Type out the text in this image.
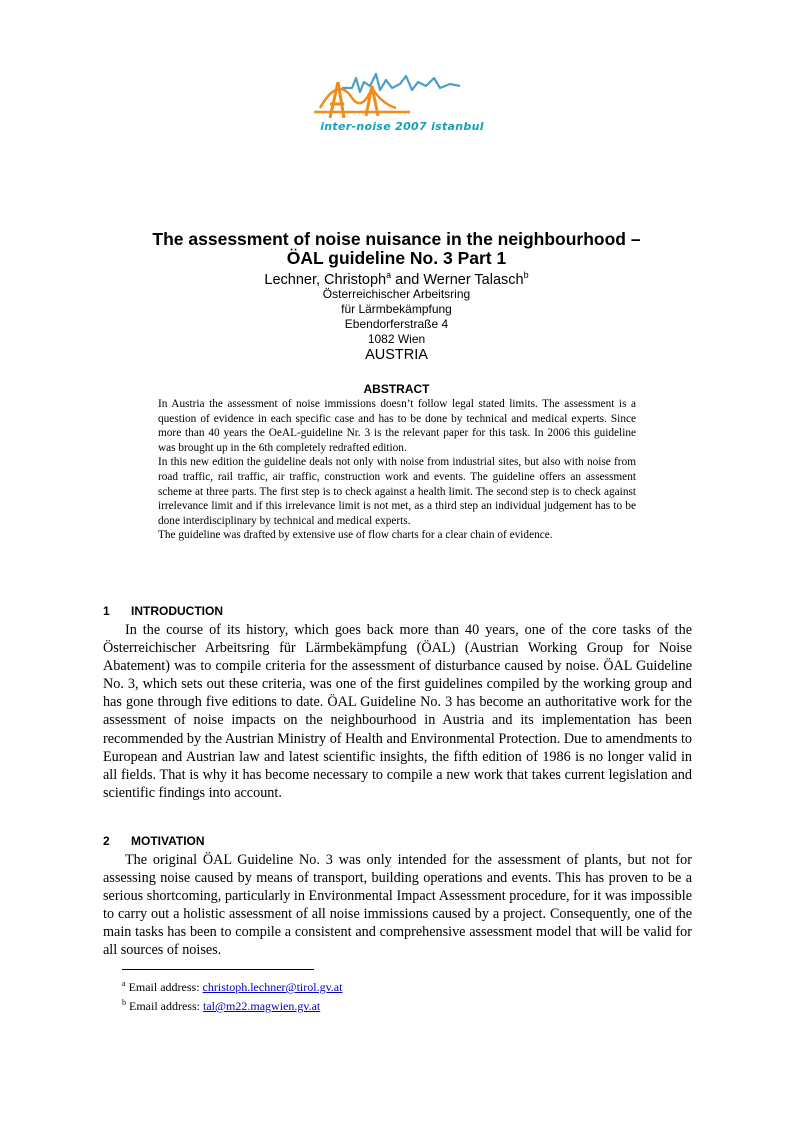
inter-noise 2007 istanbul
The assessment of noise nuisance in the neighbourhood –
ÖAL guideline No. 3 Part 1
Lechner, Christoph$^a$ and Werner Talasch$^b$
Österreichischer Arbeitsring
für Lärmbekämpfung
Ebendorferstraße 4
1082 Wien
AUSTRIA
ABSTRACT

In Austria the assessment of noise immissions doesn’t follow legal stated limits. The assessment is a question of evidence in each specific case and has to be done by technical and medical experts. Since more than 40 years the OeAL-guideline Nr. 3 is the relevant paper for this task. In 2006 this guideline was brought up in the 6th completely redrafted edition.

In this new edition the guideline deals not only with noise from industrial sites, but also with noise from road traffic, rail traffic, air traffic, construction work and events. The guideline offers an assessment scheme at three parts. The first step is to check against a health limit. The second step is to check against irrelevance limit and if this irrelevance limit is not met, as a third step an individual judgement has to be done interdisciplinary by technical and medical experts.

The guideline was drafted by extensive use of flow charts for a clear chain of evidence.

1 INTRODUCTION

In the course of its history, which goes back more than 40 years, one of the core tasks of the Österreichischer Arbeitsring für Lärmbekämpfung (ÖAL) (Austrian Working Group for Noise Abatement) was to compile criteria for the assessment of disturbance caused by noise. ÖAL Guideline No. 3, which sets out these criteria, was one of the first guidelines compiled by the working group and has gone through five editions to date. ÖAL Guideline No. 3 has become an authoritative work for the assessment of noise impacts on the neighbourhood in Austria and its implementation has been recommended by the Austrian Ministry of Health and Environmental Protection. Due to amendments to European and Austrian law and latest scientific insights, the fifth edition of 1986 is no longer valid in all fields. That is why it has become necessary to compile a new work that takes current legislation and scientific findings into account.

2 MOTIVATION

The original ÖAL Guideline No. 3 was only intended for the assessment of plants, but not for assessing noise caused by means of transport, building operations and events. This has proven to be a serious shortcoming, particularly in Environmental Impact Assessment procedure, for it was impossible to carry out a holistic assessment of all noise immissions caused by a project. Consequently, one of the main tasks has been to compile a consistent and comprehensive assessment model that will be valid for all sources of noises.

$^a$ Email address: christoph.lechner@tirol.gv.at
$^b$ Email address: tal@m22.magwien.gv.at
